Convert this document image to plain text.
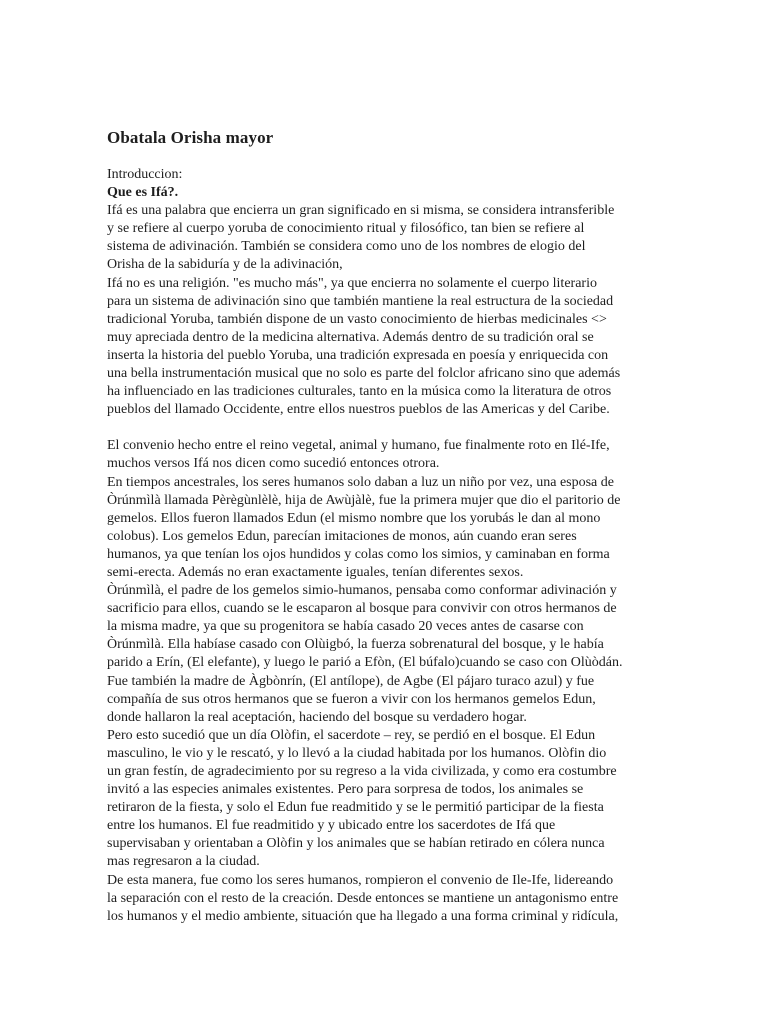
Obatala Orisha mayor
Introduccion:
Que es Ifá?.
Ifá es una palabra que encierra un gran significado en si misma, se considera intransferible
y se refiere al cuerpo yoruba de conocimiento ritual y filosófico, tan bien se refiere al
sistema de adivinación. También se considera como uno de los nombres de elogio del
Orisha de la sabiduría y de la adivinación,
Ifá no es una religión. "es mucho más", ya que encierra no solamente el cuerpo literario
para un sistema de adivinación sino que también mantiene la real estructura de la sociedad
tradicional Yoruba, también dispone de un vasto conocimiento de hierbas medicinales <>
muy apreciada dentro de la medicina alternativa. Además dentro de su tradición oral se
inserta la historia del pueblo Yoruba, una tradición expresada en poesía y enriquecida con
una bella instrumentación musical que no solo es parte del folclor africano sino que además
ha influenciado en las tradiciones culturales, tanto en la música como la literatura de otros
pueblos del llamado Occidente, entre ellos nuestros pueblos de las Americas y del Caribe.
El convenio hecho entre el reino vegetal, animal y humano, fue finalmente roto en Ilé-Ife,
muchos versos Ifá nos dicen como sucedió entonces otrora.
En tiempos ancestrales, los seres humanos solo daban a luz un niño por vez, una esposa de
Òrúnmìlà llamada Pèrègùnlèlè, hija de Awùjàlè, fue la primera mujer que dio el paritorio de
gemelos. Ellos fueron llamados Edun (el mismo nombre que los yorubás le dan al mono
colobus). Los gemelos Edun, parecían imitaciones de monos, aún cuando eran seres
humanos, ya que tenían los ojos hundidos y colas como los simios, y caminaban en forma
semi-erecta. Además no eran exactamente iguales, tenían diferentes sexos.
Òrúnmìlà, el padre de los gemelos simio-humanos, pensaba como conformar adivinación y
sacrificio para ellos, cuando se le escaparon al bosque para convivir con otros hermanos de
la misma madre, ya que su progenitora se había casado 20 veces antes de casarse con
Òrúnmìlà. Ella habíase casado con Olùigbó, la fuerza sobrenatural del bosque, y le había
parido a Erín, (El elefante), y luego le parió a Efòn, (El búfalo)cuando se caso con Olùòdán.
Fue también la madre de Àgbònrín, (El antílope), de Agbe (El pájaro turaco azul) y fue
compañía de sus otros hermanos que se fueron a vivir con los hermanos gemelos Edun,
donde hallaron la real aceptación, haciendo del bosque su verdadero hogar.
Pero esto sucedió que un día Olòfin, el sacerdote – rey, se perdió en el bosque. El Edun
masculino, le vio y le rescató, y lo llevó a la ciudad habitada por los humanos. Olòfin dio
un gran festín, de agradecimiento por su regreso a la vida civilizada, y como era costumbre
invitó a las especies animales existentes. Pero para sorpresa de todos, los animales se
retiraron de la fiesta, y solo el Edun fue readmitido y se le permitió participar de la fiesta
entre los humanos. El fue readmitido y y ubicado entre los sacerdotes de Ifá que
supervisaban y orientaban a Olòfin y los animales que se habían retirado en cólera nunca
mas regresaron a la ciudad.
De esta manera, fue como los seres humanos, rompieron el convenio de Ile-Ife, lidereando
la separación con el resto de la creación. Desde entonces se mantiene un antagonismo entre
los humanos y el medio ambiente, situación que ha llegado a una forma criminal y ridícula,
